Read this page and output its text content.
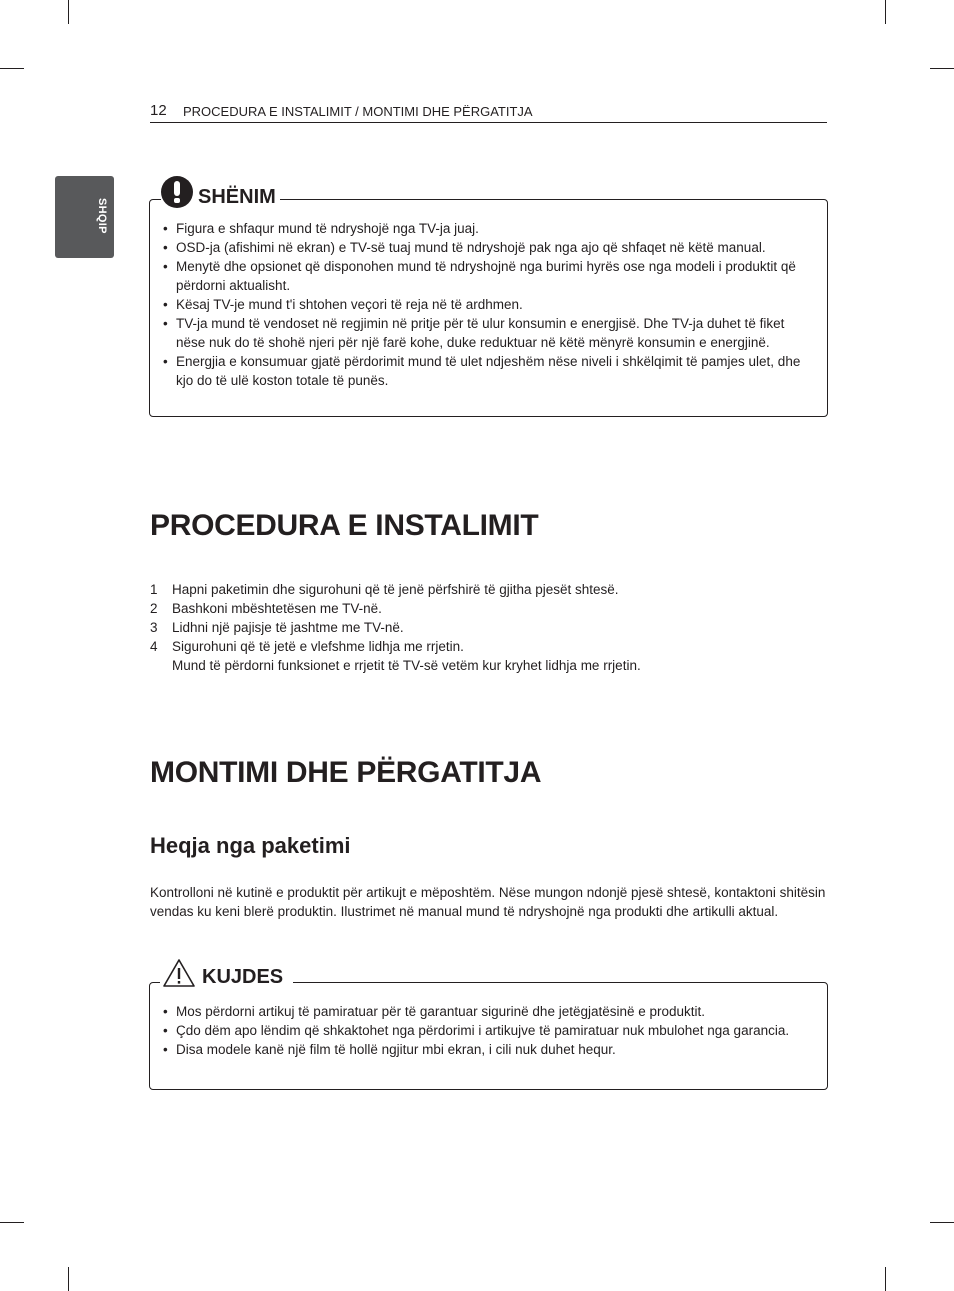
12 PROCEDURA E INSTALIMIT / MONTIMI DHE PËRGATITJA
SHQIP
SHËNIM
• Figura e shfaqur mund të ndryshojë nga TV-ja juaj.
• OSD-ja (afishimi në ekran) e TV-së tuaj mund të ndryshojë pak nga ajo që shfaqet në këtë manual.
• Menytë dhe opsionet që disponohen mund të ndryshojnë nga burimi hyrës ose nga modeli i produktit që përdorni aktualisht.
• Kësaj TV-je mund t'i shtohen veçori të reja në të ardhmen.
• TV-ja mund të vendoset në regjimin në pritje për të ulur konsumin e energjisë. Dhe TV-ja duhet të fiket nëse nuk do të shohë njeri për një farë kohe, duke reduktuar në këtë mënyrë konsumin e energjinë.
• Energjia e konsumuar gjatë përdorimit mund të ulet ndjeshëm nëse niveli i shkëlqimit të pamjes ulet, dhe kjo do të ulë koston totale të punës.
PROCEDURA E INSTALIMIT
1 Hapni paketimin dhe sigurohuni që të jenë përfshirë të gjitha pjesët shtesë.
2 Bashkoni mbështetësen me TV-në.
3 Lidhni një pajisje të jashtme me TV-në.
4 Sigurohuni që të jetë e vlefshme lidhja me rrjetin.
Mund të përdorni funksionet e rrjetit të TV-së vetëm kur kryhet lidhja me rrjetin.
MONTIMI DHE PËRGATITJA
Heqja nga paketimi

Kontrolloni në kutinë e produktit për artikujt e mëposhtëm. Nëse mungon ndonjë pjesë shtesë, kontaktoni shitësin vendas ku keni blerë produktin. Ilustrimet në manual mund të ndryshojnë nga produkti dhe artikulli aktual.

KUJDES
• Mos përdorni artikuj të pamiratuar për të garantuar sigurinë dhe jetëgjatësinë e produktit.
• Çdo dëm apo lëndim që shkaktohet nga përdorimi i artikujve të pamiratuar nuk mbulohet nga garancia.
• Disa modele kanë një film të hollë ngjitur mbi ekran, i cili nuk duhet hequr.
